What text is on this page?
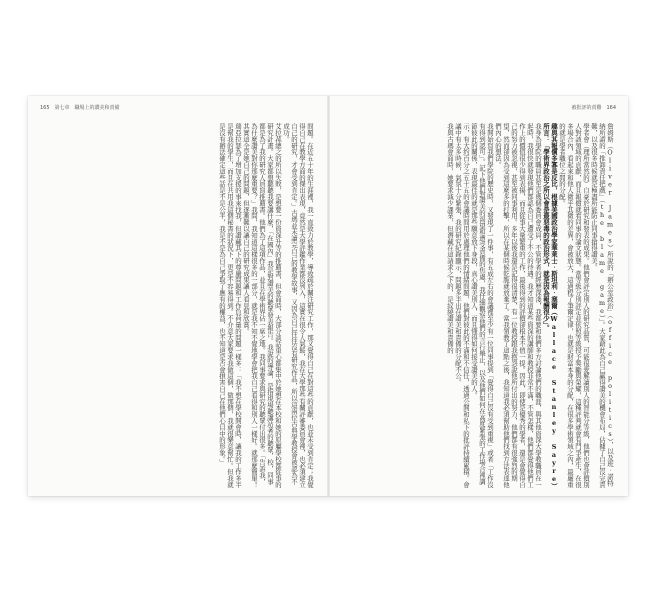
165　第七章　職場上的讚美和責備	被批評的責難　164

問題。在近五十年的生涯裡，我一直致力於教學，導致疏於關注研究工作，那又覺得自己在對這些的貢獻，也並未受到肯定；我覺得自己在教學方面的傑出表現，竟然是大學評鑑作業都沒列入，這實在很令人氣餒，我在大學那些有關評審委員會裡，也必須建立自己的研究，才會受到肯定。」古瑪並未讀完自己的教學故事，又因為自己往往沒有研究作品，所以這兩位古典學教授會被認為不成功。

艾拉蓀總之的所以失敗，是想要一份資深升等的推薦書，但會面時，大部分談話重心都集中於她想在本校和她的原屬學校都從事的研究計畫。大家都想聽聽我要講什麼，「在國內」我是對讚美的聽眾發表報告。我說的導論，是指現場聽講站著的聽眾，校，同事都是為了我的研究人員寫推薦書。他們為了這項作品，並且在學術界佔一席之地。我同事要求與研究的聽眾付出很多。「告訴我，為什麼讚美對你那麼重要？」我問，我知道這樣很多的一部分，就是我不知不覺地學會把我自己看得和別人一樣好。就那麼簡單！其實這全是她自己的問題，但逐漸難以讓自己的研究成果讓人看見和欣賞。

瑞亞拉瑟為了增加支援的事來找我，但讚藏其下的尊嚴問題和工作負荷量的問題一樣多：「我不想在學校開會時，讓我的工作多半是幫我的學生，而且在共用我這個秘書的狀況下，更是不容易得到。不介意大家要求我做這個，做那個，我就很樂意幫忙。但我就是沒有辦法確定這些話是不是公平，我是不是為自己爭取了應有的權益，也不知道是否會損害自己在他們心目中的形象。」	詹姆斯（Oliver James）所說的「辦公室政治」（office politics），以及班‧諾特納所謂的「推卸責任把戲」（the blame game）」。大家藉此為自己贏得讚美的機會布局，佔據了自己沒完責難，以及很多時候就是極盡所能防止同事搶得讚美。

學者會（理所當然的）自豪於研究和發表的成果。他們會評定別人的研究品質，可能很愛解讀別人的智能分等級，他們也會評價別人對該領域的貢獻，而且報償就看同事的論文狀態。當等級分別評定並依照等級授予獎勵與榮耀，這種評判就會有鬥爭產生，在很多場合內，看起來和他人微乎其微的差異，會被放大，這過程了筆爾定律，也就是財富本身的分配，在很多學術領域之內，最嚴重的就是學者職位之間的分配。

趣與其報償多寡是反比，根據美國政治學家華萊士‧斯坦利‧塞爾（Wallace Stanley Sayre）所言：「學術界政治之所以會是最惡毒的政治形式，就是因為報酬很少」。

我身為學院的職員甚至是幾個委員會成員，不管學者的經歷深淺，我都要和他們多方討論他們的職涯，與其他資深大學教職員在一起時，我很快就發現他們都認為自己遭受了不公的待遇。我才知道某些資深的講師和教授非常不滿，不管怎樣，他們都覺得他們工作上的價值很少得到表揚，而且從事大量繁重的工作，最後得到的評價卻根本不值一提。因此，即使是優秀的學者，還是會覺得自己的努力被忽視，甚至被同事利用。多年以後我還是記得很清楚，有一位教授跟我抱怨說他所付出的努力，他們都有很強烈的期望，然而卻因為受到這麼多的打擊，所以在某個時候乾脆就放棄了。當我領教了這點之後，我知道我必須幫助他們找到方法表達他們內心的想法。

我開始寫我們學院的歷史時，又發現了一件事，有五成左右的會議裡至少有一位同事提到「覺得自己沒有受到重視」或者「工作沒有得到認可」。記下他們對讚美的渴望和遭受責備的焦慮，我仔細觀察他們的言行舉止，以及他們如何在高度緊張的工作場合裡調節彼此的關係，表現最佳的就是那些願意放下身段，真心讚美別人，而且懂得如何接受讚美的人。

示，有大約百分之五十五的會議時間用於處理他們的情緒問題，他們對彼此的不滿和不信任，透過公開和私下的批評持續累積。會議中有太多時候，氣氛十分緊張，我的研究紀錄顯示，問題多半出在讚美和責備的分配不公。

我與古瑪會面時，她要求減少課業，但潛藏在這請求之下的，是紋繞讚美和責備的
